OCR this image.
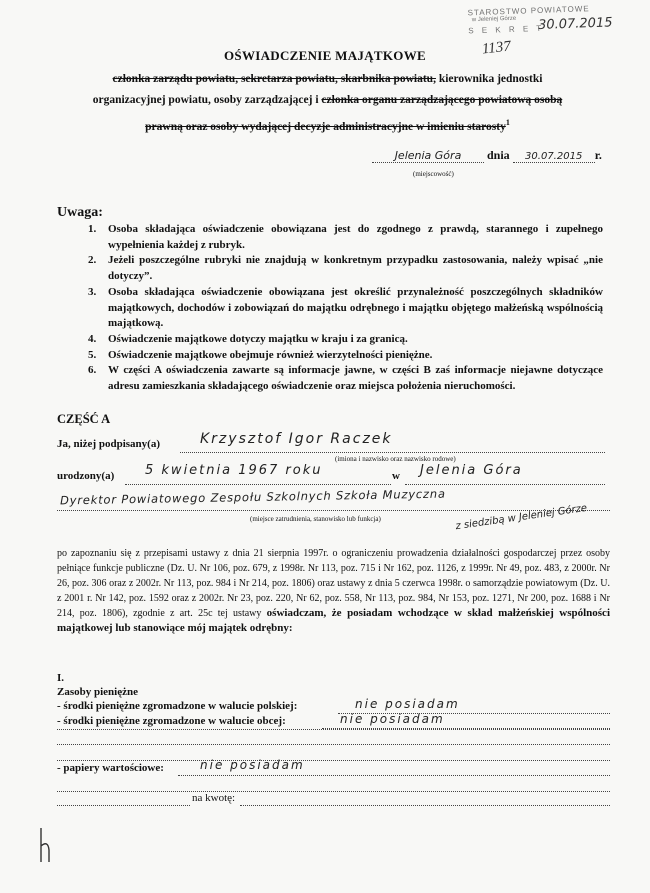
STAROSTWO POWIATOWE
w Jeleniej Górze
S E K R E T
30.07.2015
1137
OŚWIADCZENIE MAJĄTKOWE
członka zarządu powiatu, sekretarza powiatu, skarbnika powiatu, kierownika jednostki
organizacyjnej powiatu, osoby zarządzającej i członka organu zarządzającego powiatową osobą
prawną oraz osoby wydającej decyzje administracyjne w imieniu starosty$^1$
Jelenia Góra dnia 30.07.2015 r.
(miejscowość)
Uwaga:
1. Osoba składająca oświadczenie obowiązana jest do zgodnego z prawdą, starannego i zupełnego wypełnienia każdej z rubryk.
2. Jeżeli poszczególne rubryki nie znajdują w konkretnym przypadku zastosowania, należy wpisać „nie dotyczy”.
3. Osoba składająca oświadczenie obowiązana jest określić przynależność poszczególnych składników majątkowych, dochodów i zobowiązań do majątku odrębnego i majątku objętego małżeńską wspólnością majątkową.
4. Oświadczenie majątkowe dotyczy majątku w kraju i za granicą.
5. Oświadczenie majątkowe obejmuje również wierzytelności pieniężne.
6. W części A oświadczenia zawarte są informacje jawne, w części B zaś informacje niejawne dotyczące adresu zamieszkania składającego oświadczenie oraz miejsca położenia nieruchomości.
CZĘŚĆ A
Ja, niżej podpisany(a)	Krzysztof Igor Raczek
(imiona i nazwisko oraz nazwisko rodowe)
urodzony(a) 5 kwietnia 1967 roku	w Jelenia Góra
Dyrektor Powiatowego Zespołu Szkolnych Szkoła Muzyczna
(miejsce zatrudnienia, stanowisko lub funkcja)	z siedzibą w Jeleniej Górze
po zapoznaniu się z przepisami ustawy z dnia 21 sierpnia 1997r. o ograniczeniu prowadzenia działalności gospodarczej przez osoby pełniące funkcje publiczne (Dz. U. Nr 106, poz. 679, z 1998r. Nr 113, poz. 715 i Nr 162, poz. 1126, z 1999r. Nr 49, poz. 483, z 2000r. Nr 26, poz. 306 oraz z 2002r. Nr 113, poz. 984 i Nr 214, poz. 1806) oraz ustawy z dnia 5 czerwca 1998r. o samorządzie powiatowym (Dz. U. z 2001 r. Nr 142, poz. 1592 oraz z 2002r. Nr 23, poz. 220, Nr 62, poz. 558, Nr 113, poz. 984, Nr 153, poz. 1271, Nr 200, poz. 1688 i Nr 214, poz. 1806), zgodnie z art. 25c tej ustawy oświadczam, że posiadam wchodzące w skład małżeńskiej wspólności majątkowej lub stanowiące mój majątek odrębny:
I.
Zasoby pieniężne
- środki pieniężne zgromadzone w walucie polskiej:	nie posiadam
- środki pieniężne zgromadzone w walucie obcej:	nie posiadam
- papiery wartościowe:	nie posiadam
na kwotę:
